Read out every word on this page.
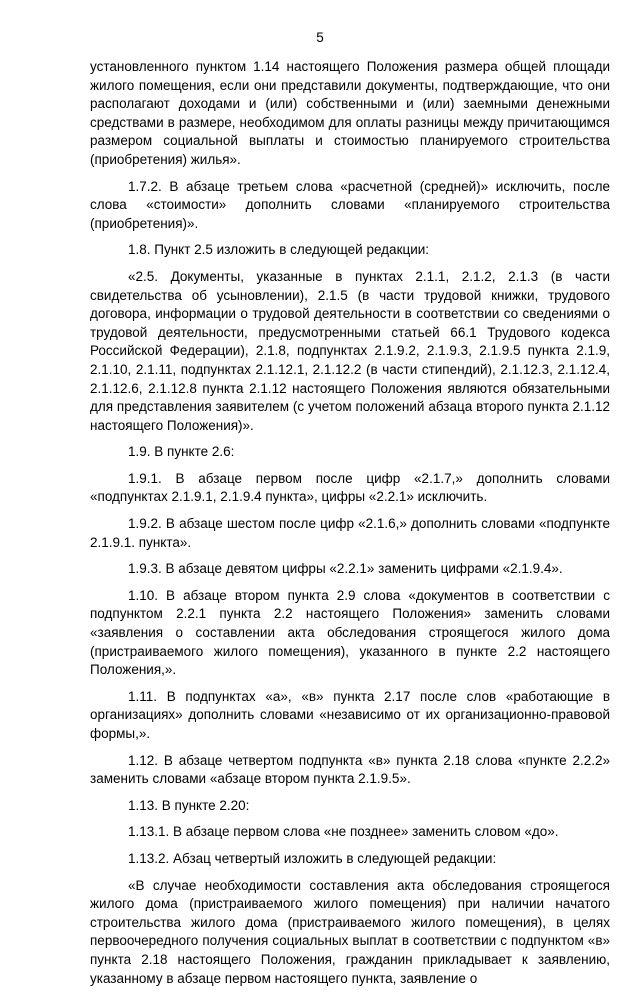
5

установленного пунктом 1.14 настоящего Положения размера общей площади жилого помещения, если они представили документы, подтверждающие, что они располагают доходами и (или) собственными и (или) заемными денежными средствами в размере, необходимом для оплаты разницы между причитающимся размером социальной выплаты и стоимостью планируемого строительства (приобретения) жилья».

1.7.2. В абзаце третьем слова «расчетной (средней)» исключить, после слова «стоимости» дополнить словами «планируемого строительства (приобретения)».

1.8. Пункт 2.5 изложить в следующей редакции:

«2.5. Документы, указанные в пунктах 2.1.1, 2.1.2, 2.1.3 (в части свидетельства об усыновлении), 2.1.5 (в части трудовой книжки, трудового договора, информации о трудовой деятельности в соответствии со сведениями о трудовой деятельности, предусмотренными статьей 66.1 Трудового кодекса Российской Федерации), 2.1.8, подпунктах 2.1.9.2, 2.1.9.3, 2.1.9.5 пункта 2.1.9, 2.1.10, 2.1.11, подпунктах 2.1.12.1, 2.1.12.2 (в части стипендий), 2.1.12.3, 2.1.12.4, 2.1.12.6, 2.1.12.8 пункта 2.1.12 настоящего Положения являются обязательными для представления заявителем (с учетом положений абзаца второго пункта 2.1.12 настоящего Положения)».

1.9. В пункте 2.6:

1.9.1. В абзаце первом после цифр «2.1.7,» дополнить словами «подпунктах 2.1.9.1, 2.1.9.4 пункта», цифры «2.2.1» исключить.

1.9.2. В абзаце шестом после цифр «2.1.6,» дополнить словами «подпункте 2.1.9.1. пункта».

1.9.3. В абзаце девятом цифры «2.2.1» заменить цифрами «2.1.9.4».

1.10. В абзаце втором пункта 2.9 слова «документов в соответствии с подпунктом 2.2.1 пункта 2.2 настоящего Положения» заменить словами «заявления о составлении акта обследования строящегося жилого дома (пристраиваемого жилого помещения), указанного в пункте 2.2 настоящего Положения,».

1.11. В подпунктах «а», «в» пункта 2.17 после слов «работающие в организациях» дополнить словами «независимо от их организационно-правовой формы,».

1.12. В абзаце четвертом подпункта «в» пункта 2.18 слова «пункте 2.2.2» заменить словами «абзаце втором пункта 2.1.9.5».

1.13. В пункте 2.20:

1.13.1. В абзаце первом слова «не позднее» заменить словом «до».

1.13.2. Абзац четвертый изложить в следующей редакции:

«В случае необходимости составления акта обследования строящегося жилого дома (пристраиваемого жилого помещения) при наличии начатого строительства жилого дома (пристраиваемого жилого помещения), в целях первоочередного получения социальных выплат в соответствии с подпунктом «в» пункта 2.18 настоящего Положения, гражданин прикладывает к заявлению, указанному в абзаце первом настоящего пункта, заявление о
